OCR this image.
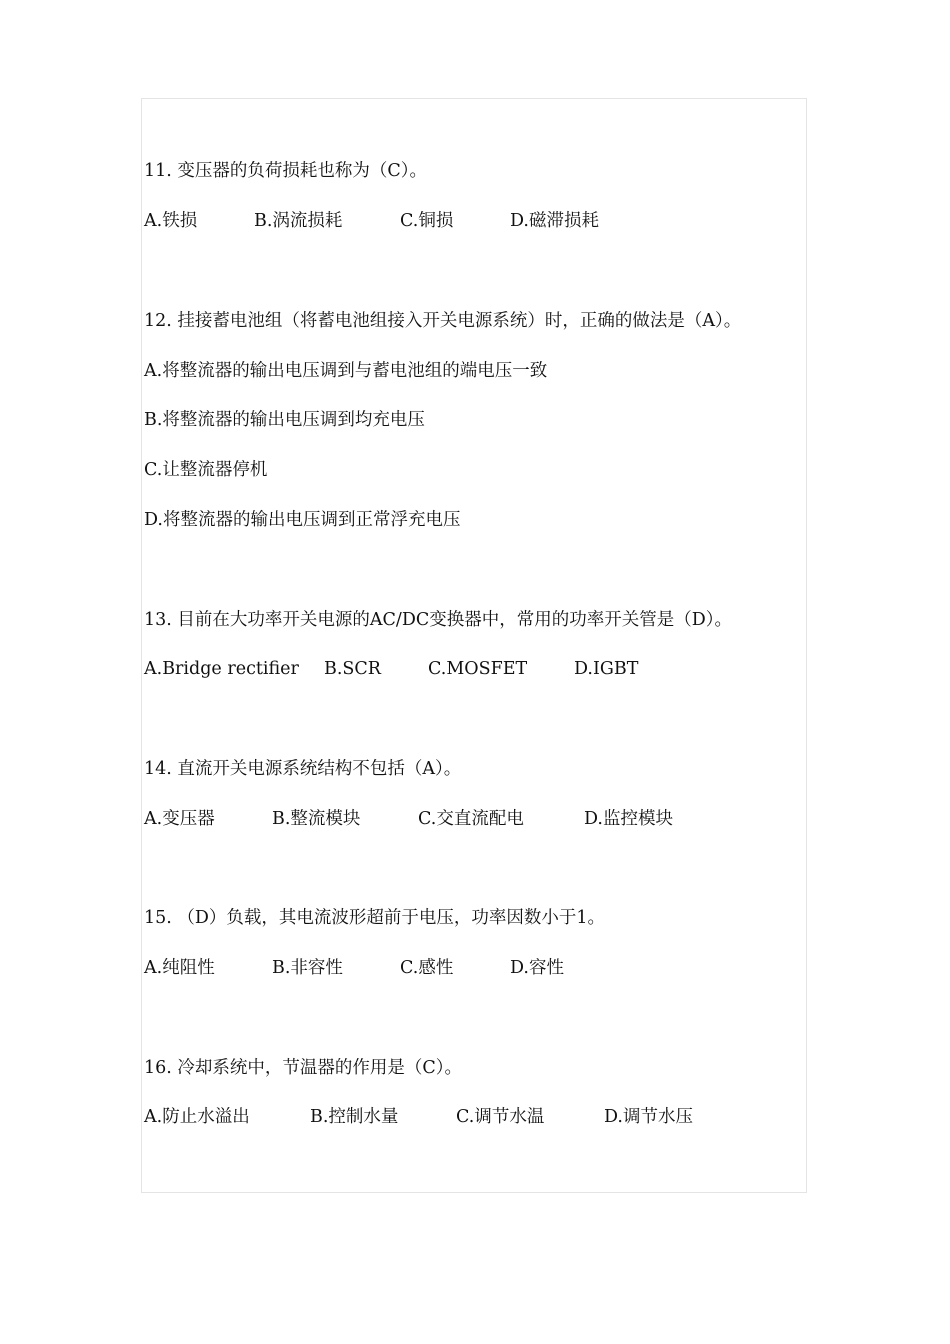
11. 变压器的负荷损耗也称为（C）。
A.铁损	B.涡流损耗	C.铜损	D.磁滞损耗
12. 挂接蓄电池组（将蓄电池组接入开关电源系统）时，正确的做法是（A）。
A.将整流器的输出电压调到与蓄电池组的端电压一致
B.将整流器的输出电压调到均充电压
C.让整流器停机
D.将整流器的输出电压调到正常浮充电压
13. 目前在大功率开关电源的AC/DC变换器中，常用的功率开关管是（D）。
A.Bridge rectifier B.SCR	C.MOSFET	D.IGBT
14. 直流开关电源系统结构不包括（A）。
A.变压器	B.整流模块	C.交直流配电	D.监控模块
15. （D）负载，其电流波形超前于电压，功率因数小于1。
A.纯阻性	B.非容性	C.感性	D.容性
16. 冷却系统中，节温器的作用是（C）。
A.防止水溢出	B.控制水量	C.调节水温	D.调节水压
